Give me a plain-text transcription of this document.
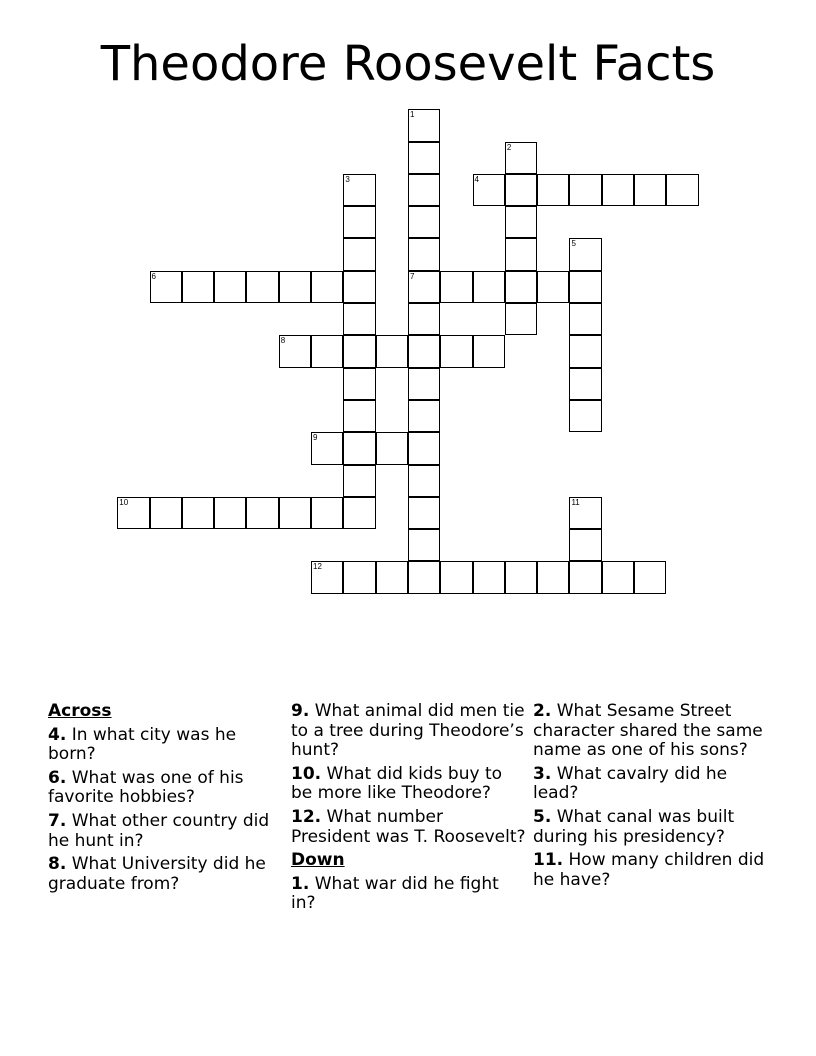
Theodore Roosevelt Facts
1
7
2
3	4
5
6
8
9
10	11
12
Across
4. In what city was he born?
6. What was one of his favorite hobbies?
7. What other country did he hunt in?
8. What University did he graduate from?
9. What animal did men tie to a tree during Theodore’s hunt?
10. What did kids buy to be more like Theodore?
12. What number President was T. Roosevelt?
Down
1. What war did he fight in?
2. What Sesame Street character shared the same name as one of his sons?
3. What cavalry did he lead?
5. What canal was built during his presidency?
11. How many children did he have?
